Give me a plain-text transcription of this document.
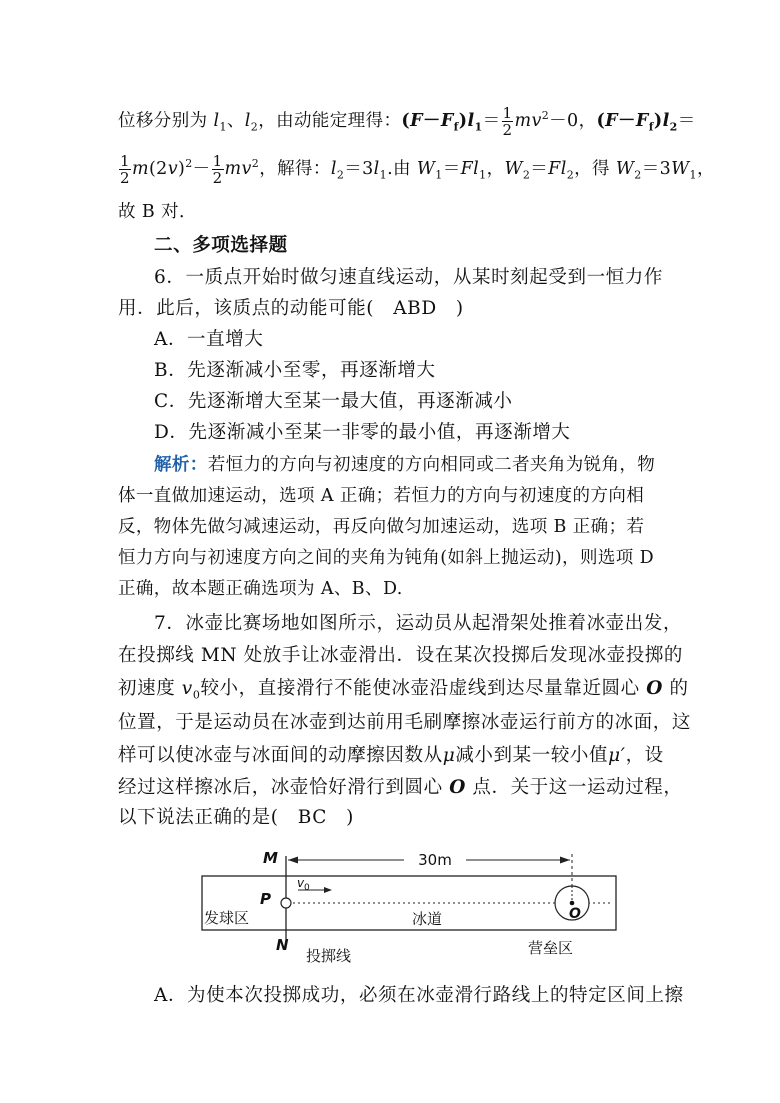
位移分别为 $l_1$、$l_2$，由动能定理得：$(F-F_f)l_1= \frac{1}{2} mv^2-0$，$(F-F_f)l_2=$
$\frac{1}{2} m(2v)^2- \frac{1}{2} mv^2$，解得：$l_2=3l_1$.由 $W_1=Fl_1$，$W_2=Fl_2$，得 $W_2=3W_1$，
故 B 对．
二、多项选择题
6．一质点开始时做匀速直线运动，从某时刻起受到一恒力作
用．此后，该质点的动能可能(　ABD　)
A．一直增大
B．先逐渐减小至零，再逐渐增大
C．先逐渐增大至某一最大值，再逐渐减小
D．先逐渐减小至某一非零的最小值，再逐渐增大
解析：若恒力的方向与初速度的方向相同或二者夹角为锐角，物
体一直做加速运动，选项 A 正确；若恒力的方向与初速度的方向相
反，物体先做匀减速运动，再反向做匀加速运动，选项 B 正确；若
恒力方向与初速度方向之间的夹角为钝角(如斜上抛运动)，则选项 D
正确，故本题正确选项为 A、B、D.
7．冰壶比赛场地如图所示，运动员从起滑架处推着冰壶出发，
在投掷线 MN 处放手让冰壶滑出．设在某次投掷后发现冰壶投掷的
初速度 $v_0$较小，直接滑行不能使冰壶沿虚线到达尽量靠近圆心 O 的
位置，于是运动员在冰壶到达前用毛刷摩擦冰壶运行前方的冰面，这
样可以使冰壶与冰面间的动摩擦因数从μ减小到某一较小值μ′，设
经过这样擦冰后，冰壶恰好滑行到圆心 O 点．关于这一运动过程，
以下说法正确的是(　BC　)
30m
v 0
M
N
P
O
发球区	冰道
投掷线	营垒区
A．为使本次投掷成功，必须在冰壶滑行路线上的特定区间上擦
